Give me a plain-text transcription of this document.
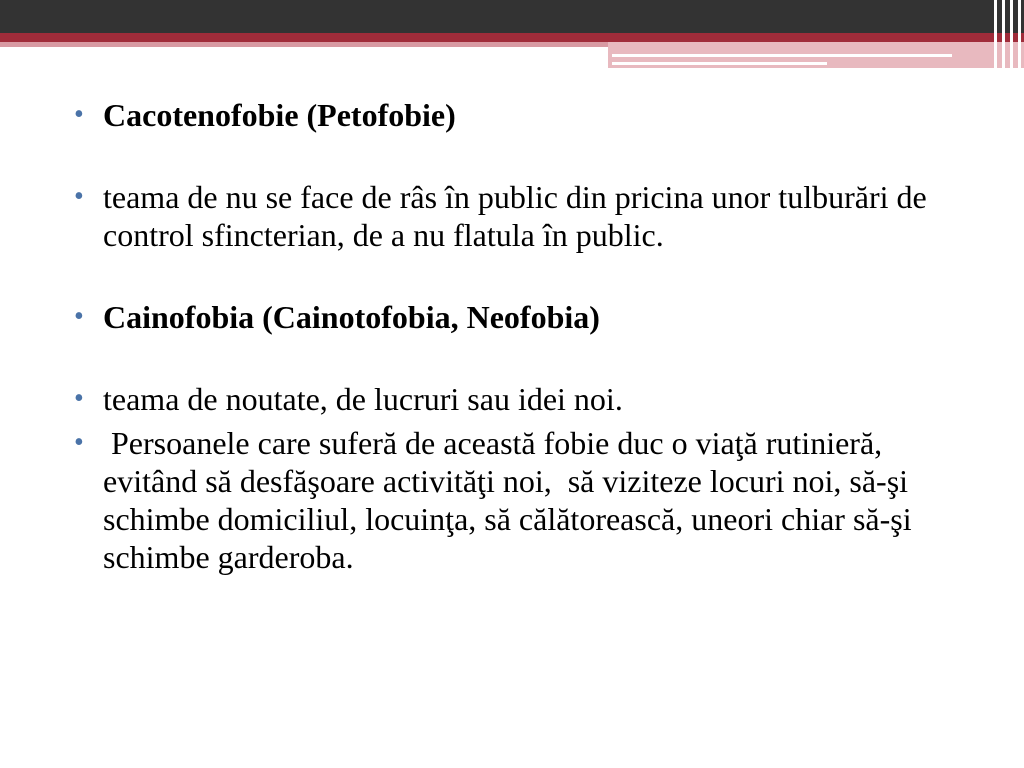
• Cacotenofobie (Petofobie)
• teama de nu se face de râs în public din pricina unor tulburări de control sfincterian, de a nu flatula în public.
• Cainofobia (Cainotofobia, Neofobia)
• teama de noutate, de lucruri sau idei noi.
• Persoanele care suferă de această fobie duc o viaţă rutinieră, evitând să desfăşoare activităţi noi,  să viziteze locuri noi, să-şi schimbe domiciliul, locuinţa, să călătorească, uneori chiar să-şi schimbe garderoba.
